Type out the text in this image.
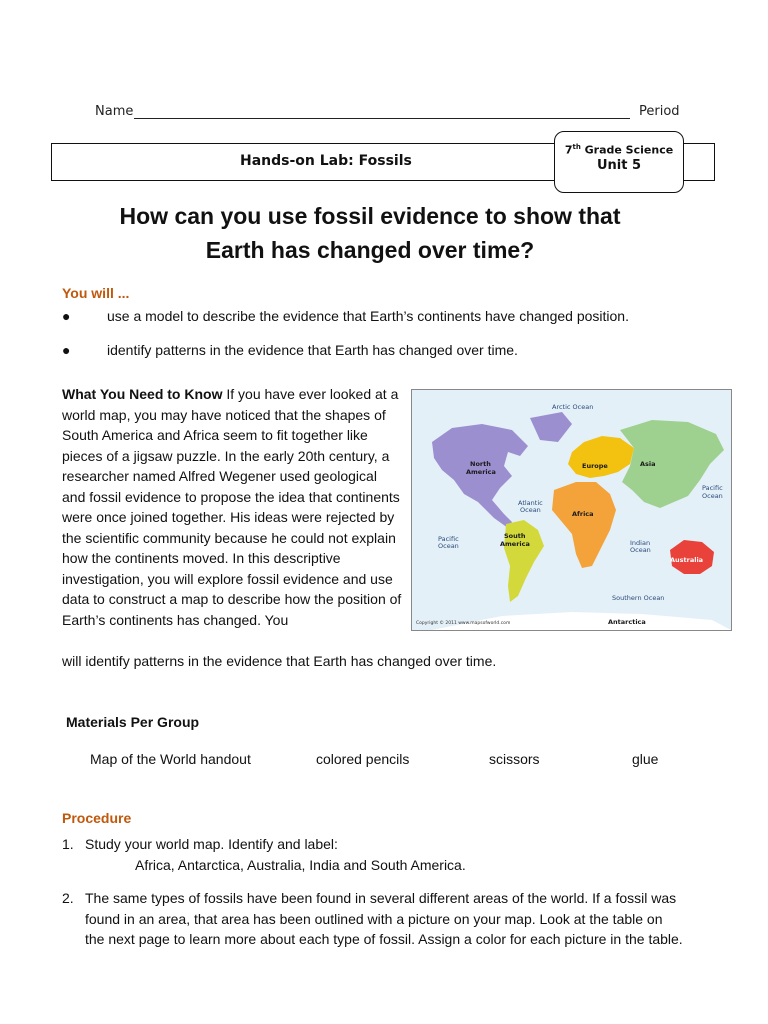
Name	Period
Hands-on Lab: Fossils
7th Grade Science
Unit 5
How can you use fossil evidence to show that
Earth has changed over time?
You will ...
●	use a model to describe the evidence that Earth’s continents have changed position.
●	identify patterns in the evidence that Earth has changed over time.
What You Need to Know If you have ever looked at a world map, you may have noticed that the shapes of South America and Africa seem to fit together like pieces of a jigsaw puzzle. In the early 20th century, a researcher named Alfred Wegener used geological and fossil evidence to propose the idea that continents were once joined together. His ideas were rejected by the scientific community because he could not explain how the continents moved. In this descriptive investigation, you will explore fossil evidence and use data to construct a map to describe how the position of Earth’s continents has changed. You
will identify patterns in the evidence that Earth has changed over time.
Arctic Ocean
Pacific
Ocean
Atlantic
Ocean
Pacific
Ocean	Indian
Ocean
Southern Ocean
North
America
Europe	Asia
Africa
South
America
Australia
Antarctica
Copyright © 2011 www.mapsofworld.com
Materials Per Group
Map of the World handout	colored pencils	scissors	glue
Procedure
1. Study your world map. Identify and label:
Africa, Antarctica, Australia, India and South America.
2. The same types of fossils have been found in several different areas of the world. If a fossil was found in an area, that area has been outlined with a picture on your map. Look at the table on the next page to learn more about each type of fossil. Assign a color for each picture in the table.
